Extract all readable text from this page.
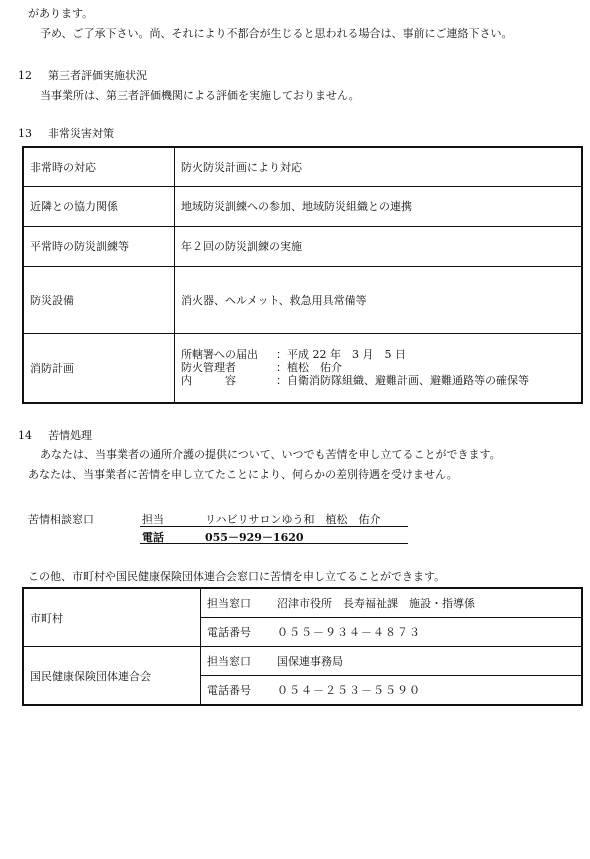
があります。
予め、ご了承下さい。尚、それにより不都合が生じると思われる場合は、事前にご連絡下さい。
12 第三者評価実施状況
当事業所は、第三者評価機関による評価を実施しておりません。
13 非常災害対策
非常時の対応	防火防災計画により対応
近隣との協力関係	地域防災訓練への参加、地域防災組織との連携
平常時の防災訓練等	年２回の防災訓練の実施
防災設備	消火器、ヘルメット、救急用具常備等
消防計画	所轄署への届出 ：平成 22 年　3 月　5 日
防火管理者 ：植松　佑介
内　　　容 ：自衛消防隊組織、避難計画、避難通路等の確保等
14 苦情処理
あなたは、当事業者の通所介護の提供について、いつでも苦情を申し立てることができます。
あなたは、当事業者に苦情を申し立てたことにより、何らかの差別待遇を受けません。
苦情相談窓口	担当	リハビリサロンゆう和　植松　佑介
電話	055－929－1620
この他、市町村や国民健康保険団体連合会窓口に苦情を申し立てることができます。
市町村	担当窓口 沼津市役所　長寿福祉課　施設・指導係
	電話番号 ０５５－９３４－４８７３
国民健康保険団体連合会	担当窓口 国保連事務局
	電話番号 ０５４－２５３－５５９０
